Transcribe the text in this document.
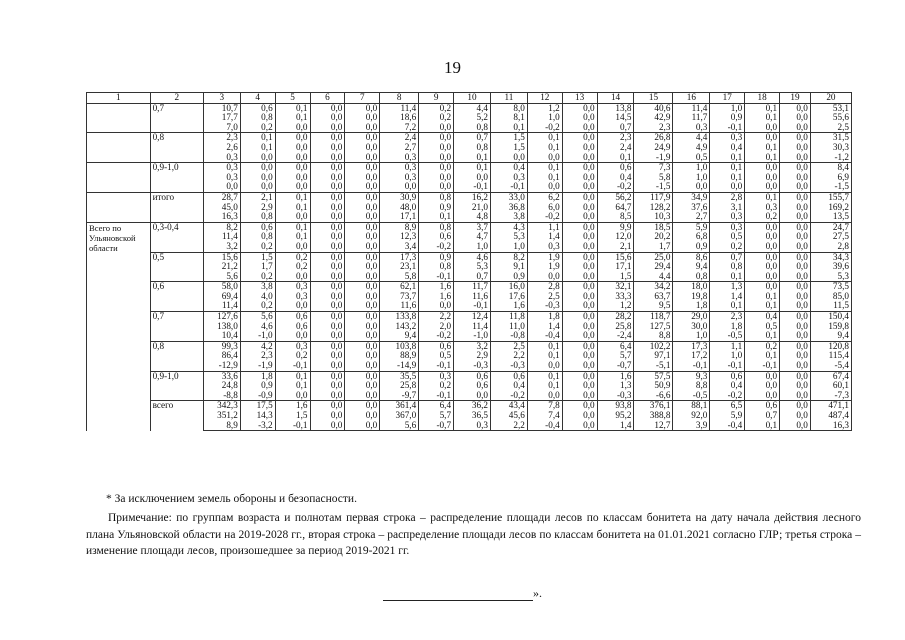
19
1	2	3	4	5	6	7	8	9	10	11	12	13	14	15	16	17	18	19	20
	0,7	10,7	0,6	0,1	0,0	0,0	11,4	0,2	4,4	8,0	1,2	0,0	13,8	40,6	11,4	1,0	0,1	0,0	53,1
		17,7	0,8	0,1	0,0	0,0	18,6	0,2	5,2	8,1	1,0	0,0	14,5	42,9	11,7	0,9	0,1	0,0	55,6
		7,0	0,2	0,0	0,0	0,0	7,2	0,0	0,8	0,1	-0,2	0,0	0,7	2,3	0,3	-0,1	0,0	0,0	2,5
	0,8	2,3	0,1	0,0	0,0	0,0	2,4	0,0	0,7	1,5	0,1	0,0	2,3	26,8	4,4	0,3	0,0	0,0	31,5
		2,6	0,1	0,0	0,0	0,0	2,7	0,0	0,8	1,5	0,1	0,0	2,4	24,9	4,9	0,4	0,1	0,0	30,3
		0,3	0,0	0,0	0,0	0,0	0,3	0,0	0,1	0,0	0,0	0,0	0,1	-1,9	0,5	0,1	0,1	0,0	-1,2
	0,9-1,0	0,3	0,0	0,0	0,0	0,0	0,3	0,0	0,1	0,4	0,1	0,0	0,6	7,3	1,0	0,1	0,0	0,0	8,4
		0,3	0,0	0,0	0,0	0,0	0,3	0,0	0,0	0,3	0,1	0,0	0,4	5,8	1,0	0,1	0,0	0,0	6,9
		0,0	0,0	0,0	0,0	0,0	0,0	0,0	-0,1	-0,1	0,0	0,0	-0,2	-1,5	0,0	0,0	0,0	0,0	-1,5
	итого	28,7	2,1	0,1	0,0	0,0	30,9	0,8	16,2	33,0	6,2	0,0	56,2	117,9	34,9	2,8	0,1	0,0	155,7
		45,0	2,9	0,1	0,0	0,0	48,0	0,9	21,0	36,8	6,0	0,0	64,7	128,2	37,6	3,1	0,3	0,0	169,2
		16,3	0,8	0,0	0,0	0,0	17,1	0,1	4,8	3,8	-0,2	0,0	8,5	10,3	2,7	0,3	0,2	0,0	13,5
Всего по Ульяновской области	0,3-0,4	8,2	0,6	0,1	0,0	0,0	8,9	0,8	3,7	4,3	1,1	0,0	9,9	18,5	5,9	0,3	0,0	0,0	24,7
		11,4	0,8	0,1	0,0	0,0	12,3	0,6	4,7	5,3	1,4	0,0	12,0	20,2	6,8	0,5	0,0	0,0	27,5
		3,2	0,2	0,0	0,0	0,0	3,4	-0,2	1,0	1,0	0,3	0,0	2,1	1,7	0,9	0,2	0,0	0,0	2,8
	0,5	15,6	1,5	0,2	0,0	0,0	17,3	0,9	4,6	8,2	1,9	0,0	15,6	25,0	8,6	0,7	0,0	0,0	34,3
		21,2	1,7	0,2	0,0	0,0	23,1	0,8	5,3	9,1	1,9	0,0	17,1	29,4	9,4	0,8	0,0	0,0	39,6
		5,6	0,2	0,0	0,0	0,0	5,8	-0,1	0,7	0,9	0,0	0,0	1,5	4,4	0,8	0,1	0,0	0,0	5,3
	0,6	58,0	3,8	0,3	0,0	0,0	62,1	1,6	11,7	16,0	2,8	0,0	32,1	34,2	18,0	1,3	0,0	0,0	73,5
		69,4	4,0	0,3	0,0	0,0	73,7	1,6	11,6	17,6	2,5	0,0	33,3	63,7	19,8	1,4	0,1	0,0	85,0
		11,4	0,2	0,0	0,0	0,0	11,6	0,0	-0,1	1,6	-0,3	0,0	1,2	9,5	1,8	0,1	0,1	0,0	11,5
	0,7	127,6	5,6	0,6	0,0	0,0	133,8	2,2	12,4	11,8	1,8	0,0	28,2	118,7	29,0	2,3	0,4	0,0	150,4
		138,0	4,6	0,6	0,0	0,0	143,2	2,0	11,4	11,0	1,4	0,0	25,8	127,5	30,0	1,8	0,5	0,0	159,8
		10,4	-1,0	0,0	0,0	0,0	9,4	-0,2	-1,0	-0,8	-0,4	0,0	-2,4	8,8	1,0	-0,5	0,1	0,0	9,4
	0,8	99,3	4,2	0,3	0,0	0,0	103,8	0,6	3,2	2,5	0,1	0,0	6,4	102,2	17,3	1,1	0,2	0,0	120,8
		86,4	2,3	0,2	0,0	0,0	88,9	0,5	2,9	2,2	0,1	0,0	5,7	97,1	17,2	1,0	0,1	0,0	115,4
		-12,9	-1,9	-0,1	0,0	0,0	-14,9	-0,1	-0,3	-0,3	0,0	0,0	-0,7	-5,1	-0,1	-0,1	-0,1	0,0	-5,4
	0,9-1,0	33,6	1,8	0,1	0,0	0,0	35,5	0,3	0,6	0,6	0,1	0,0	1,6	57,5	9,3	0,6	0,0	0,0	67,4
		24,8	0,9	0,1	0,0	0,0	25,8	0,2	0,6	0,4	0,1	0,0	1,3	50,9	8,8	0,4	0,0	0,0	60,1
		-8,8	-0,9	0,0	0,0	0,0	-9,7	-0,1	0,0	-0,2	0,0	0,0	-0,3	-6,6	-0,5	-0,2	0,0	0,0	-7,3
	всего	342,3	17,5	1,6	0,0	0,0	361,4	6,4	36,2	43,4	7,8	0,0	93,8	376,1	88,1	6,5	0,6	0,0	471,1
		351,2	14,3	1,5	0,0	0,0	367,0	5,7	36,5	45,6	7,4	0,0	95,2	388,8	92,0	5,9	0,7	0,0	487,4
		8,9	-3,2	-0,1	0,0	0,0	5,6	-0,7	0,3	2,2	-0,4	0,0	1,4	12,7	3,9	-0,4	0,1	0,0	16,3
* За исключением земель обороны и безопасности.
Примечание: по группам возраста и полнотам первая строка – распределение площади лесов по классам бонитета на дату начала действия лесного плана Ульяновской области на 2019-2028 гг., вторая строка – распределение площади лесов по классам бонитета на 01.01.2021 согласно ГЛР; третья строка – изменение площади лесов, произошедшее за период 2019-2021 гг.
».
